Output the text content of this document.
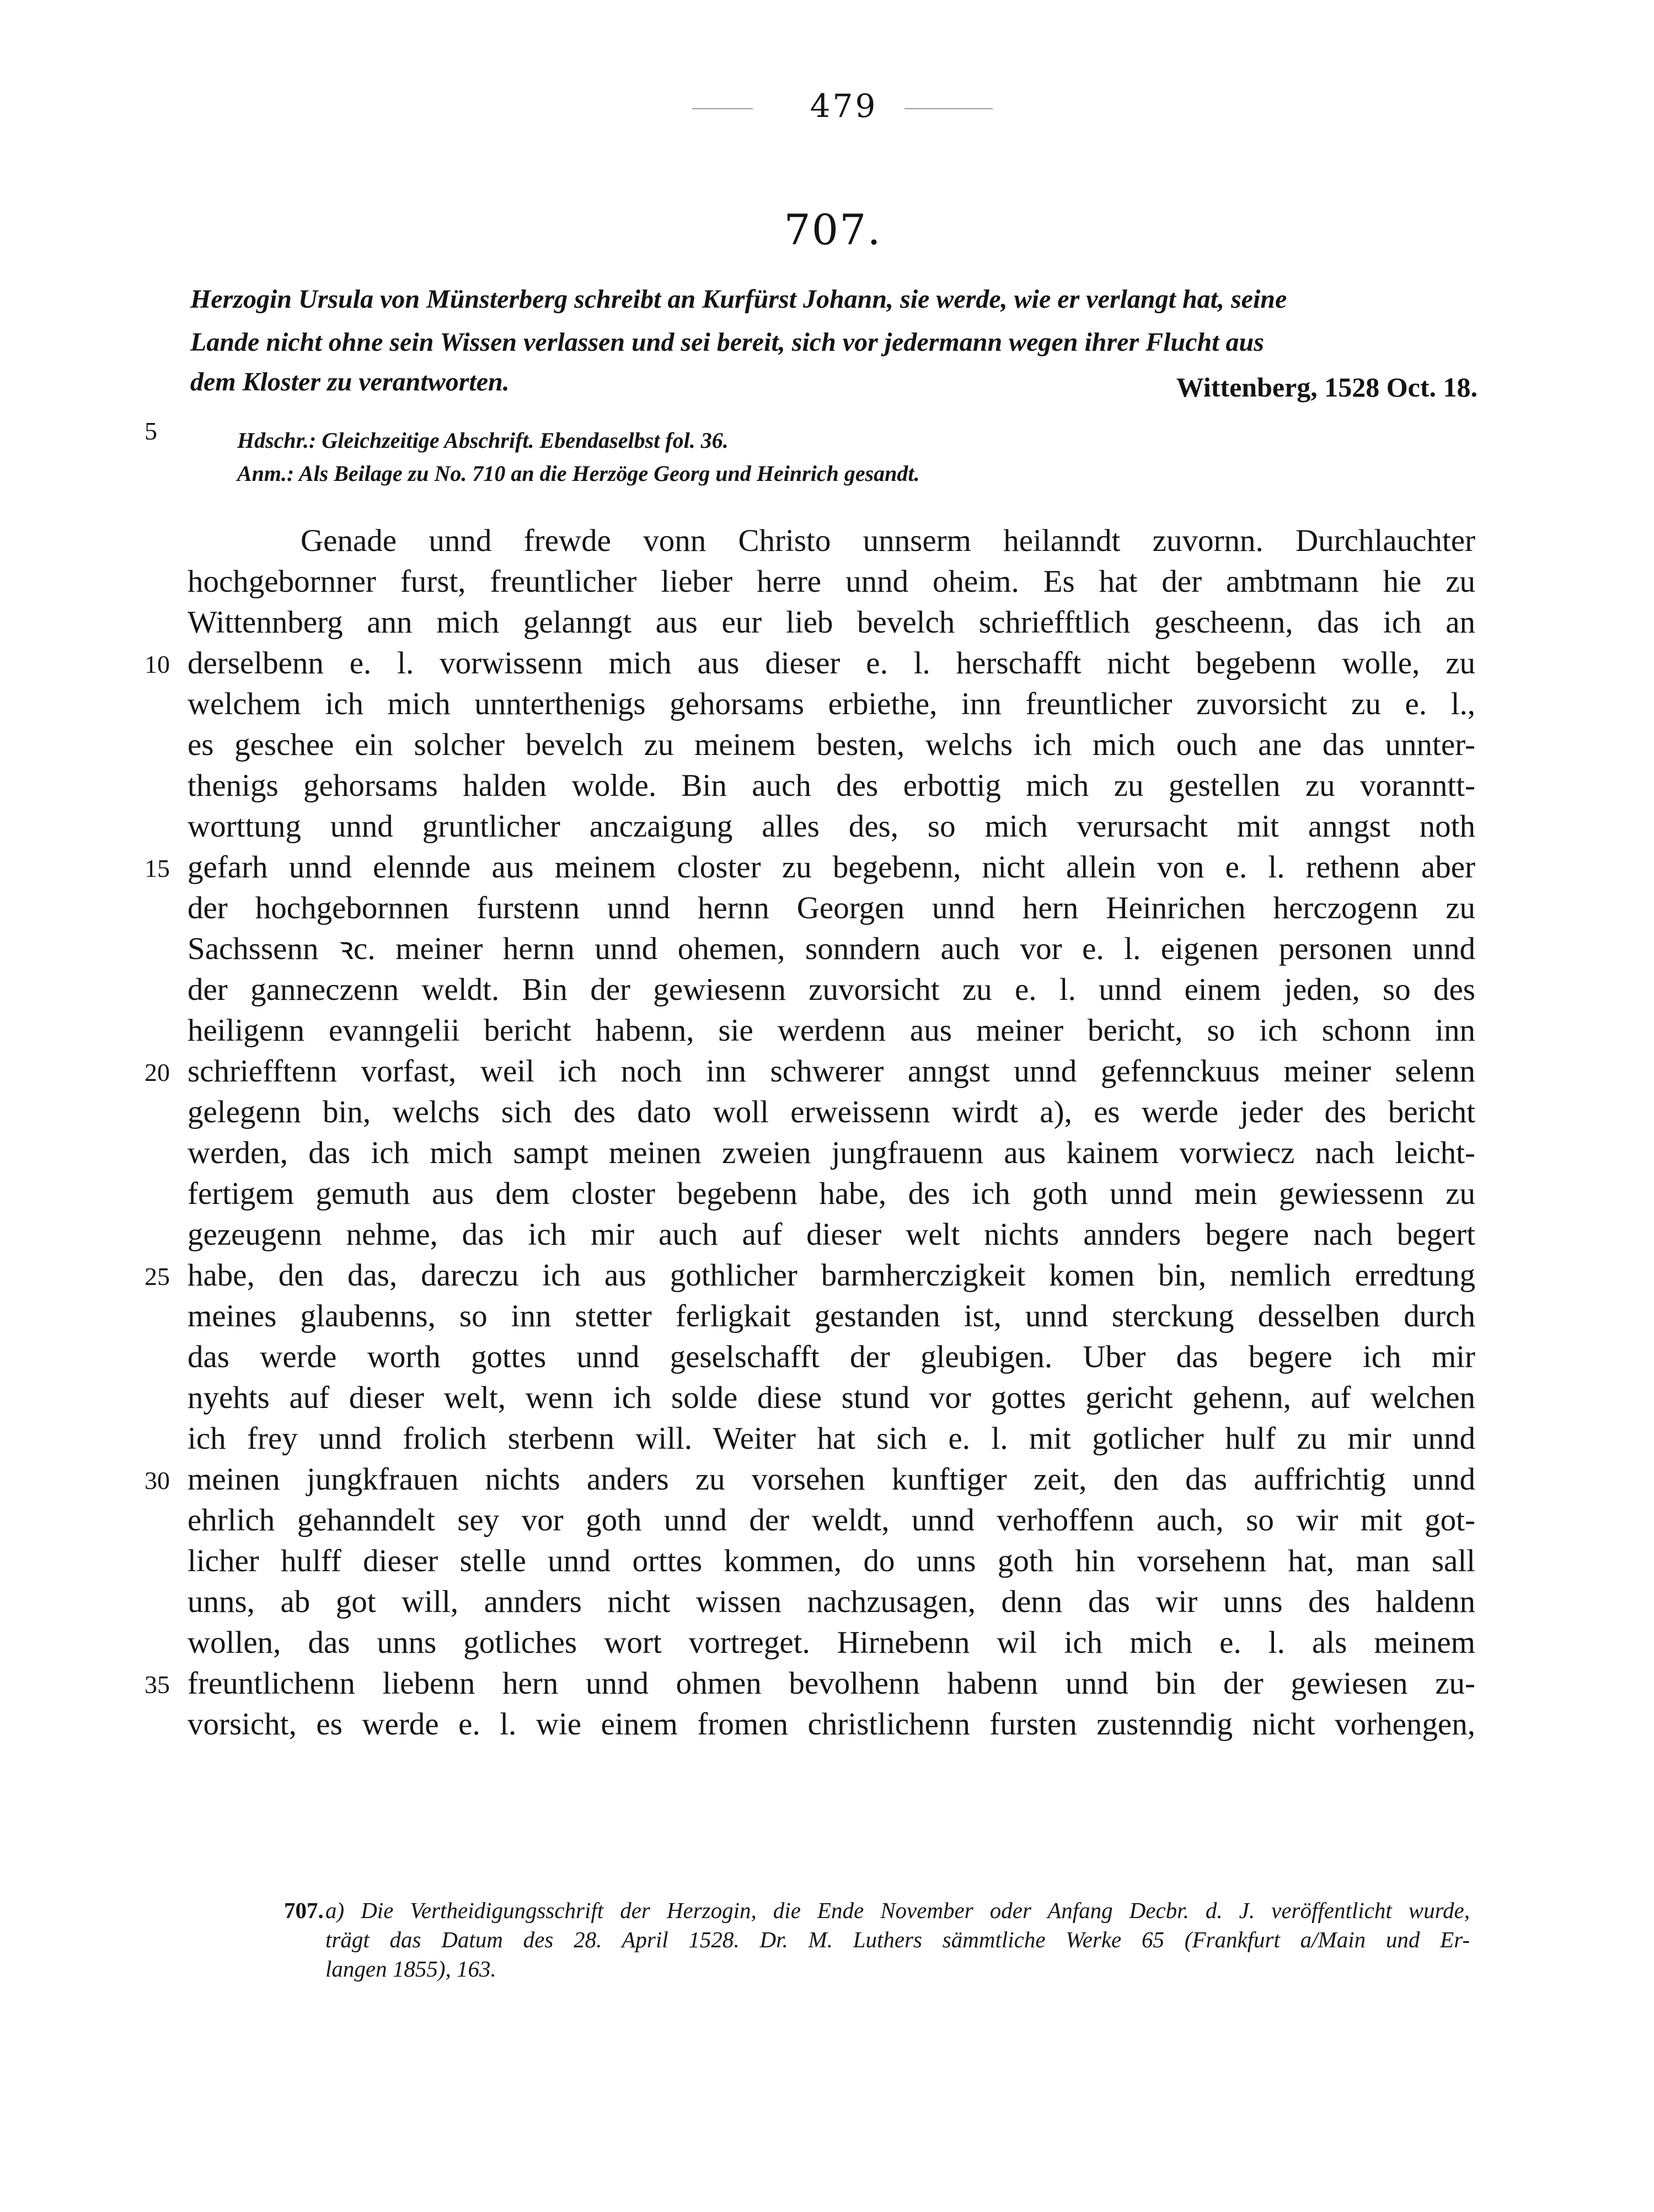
479
707.
Herzogin Ursula von Münsterberg schreibt an Kurfürst Johann, sie werde, wie er verlangt hat, seine
Lande nicht ohne sein Wissen verlassen und sei bereit, sich vor jedermann wegen ihrer Flucht aus
dem Kloster zu verantworten.	Wittenberg, 1528 Oct. 18.
5	Hdschr.: Gleichzeitige Abschrift. Ebendaselbst fol. 36.
Anm.: Als Beilage zu No. 710 an die Herzöge Georg und Heinrich gesandt.
Genade unnd frewde vonn Christo unnserm heilanndt zuvornn. Durchlauchter
hochgebornner furst, freuntlicher lieber herre unnd oheim. Es hat der ambtmann hie zu
Wittennberg ann mich gelanngt aus eur lieb bevelch schriefftlich gescheenn, das ich an
derselbenn e. l. vorwissenn mich aus dieser e. l. herschafft nicht begebenn wolle, zu
welchem ich mich unnterthenigs gehorsams erbiethe, inn freuntlicher zuvorsicht zu e. l.,
es geschee ein solcher bevelch zu meinem besten, welchs ich mich ouch ane das unnter-
thenigs gehorsams halden wolde. Bin auch des erbottig mich zu gestellen zu voranntt-
worttung unnd gruntlicher anczaigung alles des, so mich verursacht mit anngst noth
gefarh unnd elennde aus meinem closter zu begebenn, nicht allein von e. l. rethenn aber
der hochgebornnen furstenn unnd hernn Georgen unnd hern Heinrichen herczogenn zu
Sachssenn ꝛc. meiner hernn unnd ohemen, sonndern auch vor e. l. eigenen personen unnd
der ganneczenn weldt. Bin der gewiesenn zuvorsicht zu e. l. unnd einem jeden, so des
heiligenn evanngelii bericht habenn, sie werdenn aus meiner bericht, so ich schonn inn
schriefftenn vorfast, weil ich noch inn schwerer anngst unnd gefennckuus meiner selenn
gelegenn bin, welchs sich des dato woll erweissenn wirdt a), es werde jeder des bericht
werden, das ich mich sampt meinen zweien jungfrauenn aus kainem vorwiecz nach leicht-
fertigem gemuth aus dem closter begebenn habe, des ich goth unnd mein gewiessenn zu
gezeugenn nehme, das ich mir auch auf dieser welt nichts annders begere nach begert
habe, den das, dareczu ich aus gothlicher barmherczigkeit komen bin, nemlich erredtung
meines glaubenns, so inn stetter ferligkait gestanden ist, unnd sterckung desselben durch
das werde worth gottes unnd geselschafft der gleubigen. Uber das begere ich mir
nyehts auf dieser welt, wenn ich solde diese stund vor gottes gericht gehenn, auf welchen
ich frey unnd frolich sterbenn will. Weiter hat sich e. l. mit gotlicher hulf zu mir unnd
meinen jungkfrauen nichts anders zu vorsehen kunftiger zeit, den das auffrichtig unnd
ehrlich gehanndelt sey vor goth unnd der weldt, unnd verhoffenn auch, so wir mit got-
licher hulff dieser stelle unnd orttes kommen, do unns goth hin vorsehenn hat, man sall
unns, ab got will, annders nicht wissen nachzusagen, denn das wir unns des haldenn
wollen, das unns gotliches wort vortreget. Hirnebenn wil ich mich e. l. als meinem
freuntlichenn liebenn hern unnd ohmen bevolhenn habenn unnd bin der gewiesen zu-
vorsicht, es werde e. l. wie einem fromen christlichenn fursten zustenndig nicht vorhengen,
10
15
20
25
30
35
707. a) Die Vertheidigungsschrift der Herzogin, die Ende November oder Anfang Decbr. d. J. veröffentlicht wurde,
trägt das Datum des 28. April 1528. Dr. M. Luthers sämmtliche Werke 65 (Frankfurt a/Main und Er-
langen 1855), 163.
